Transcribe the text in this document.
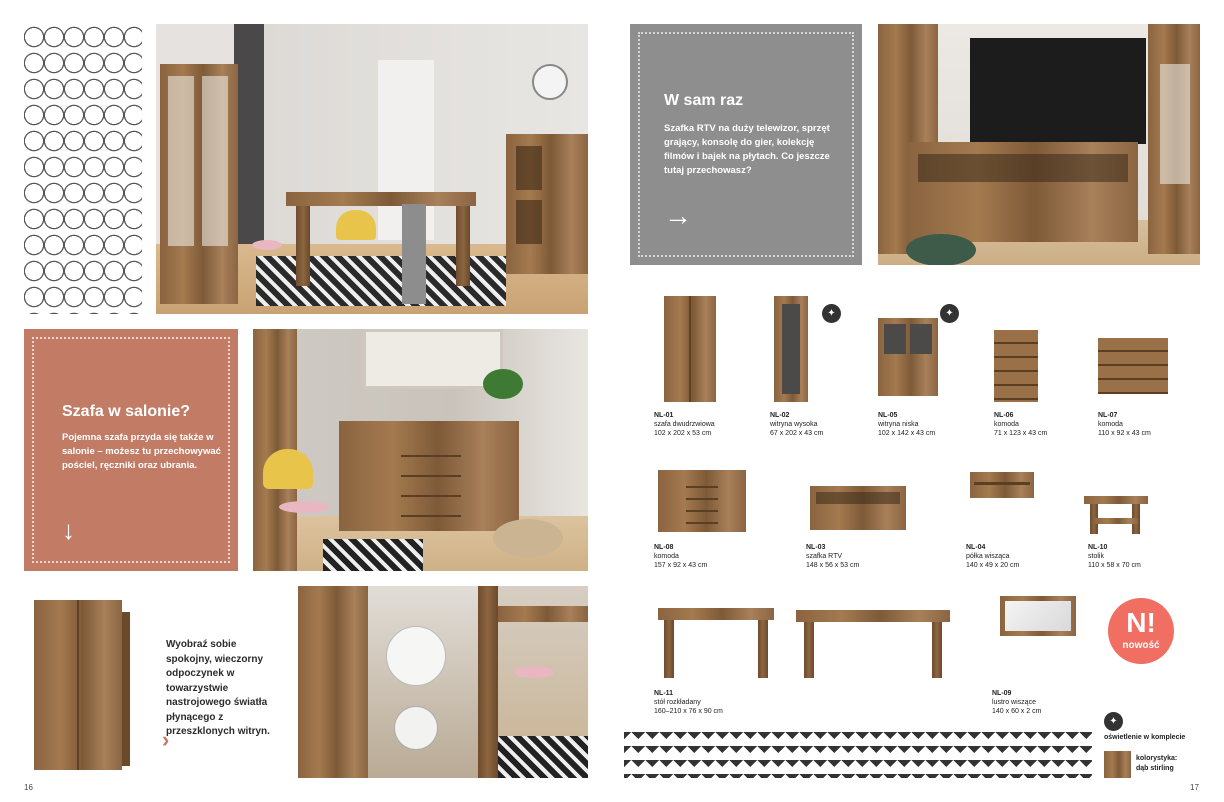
Szafa w salonie?

Pojemna szafa przyda się także w salonie – możesz tu przechowywać pościel, ręczniki oraz ubrania.

↓
Wyobraź sobie spokojny, wieczorny odpoczynek w towarzystwie nastrojowego światła płynącego z przeszklonych witryn.
›
16
W sam raz

Szafka RTV na duży telewizor, sprzęt grający, konsolę do gier, kolekcję filmów i bajek na płytach. Co jeszcze tutaj przechowasz?

→
NL-01
szafa dwudrzwiowa
102 x 202 x 53 cm
NL-02
witryna wysoka
67 x 202 x 43 cm
✦
NL-05
witryna niska
102 x 142 x 43 cm
✦
NL-06
komoda
71 x 123 x 43 cm
NL-07
komoda
110 x 92 x 43 cm
NL-08
komoda
157 x 92 x 43 cm
NL-03
szafka RTV
148 x 56 x 53 cm
NL-04
półka wisząca
140 x 49 x 20 cm
NL-10
stolik
110 x 58 x 70 cm
NL-11
stół rozkładany
160–210 x 76 x 90 cm
NL-09
lustro wiszące
140 x 60 x 2 cm
N!
nowość
✦
oświetlenie w komplecie
kolorystyka:
dąb stirling
17
